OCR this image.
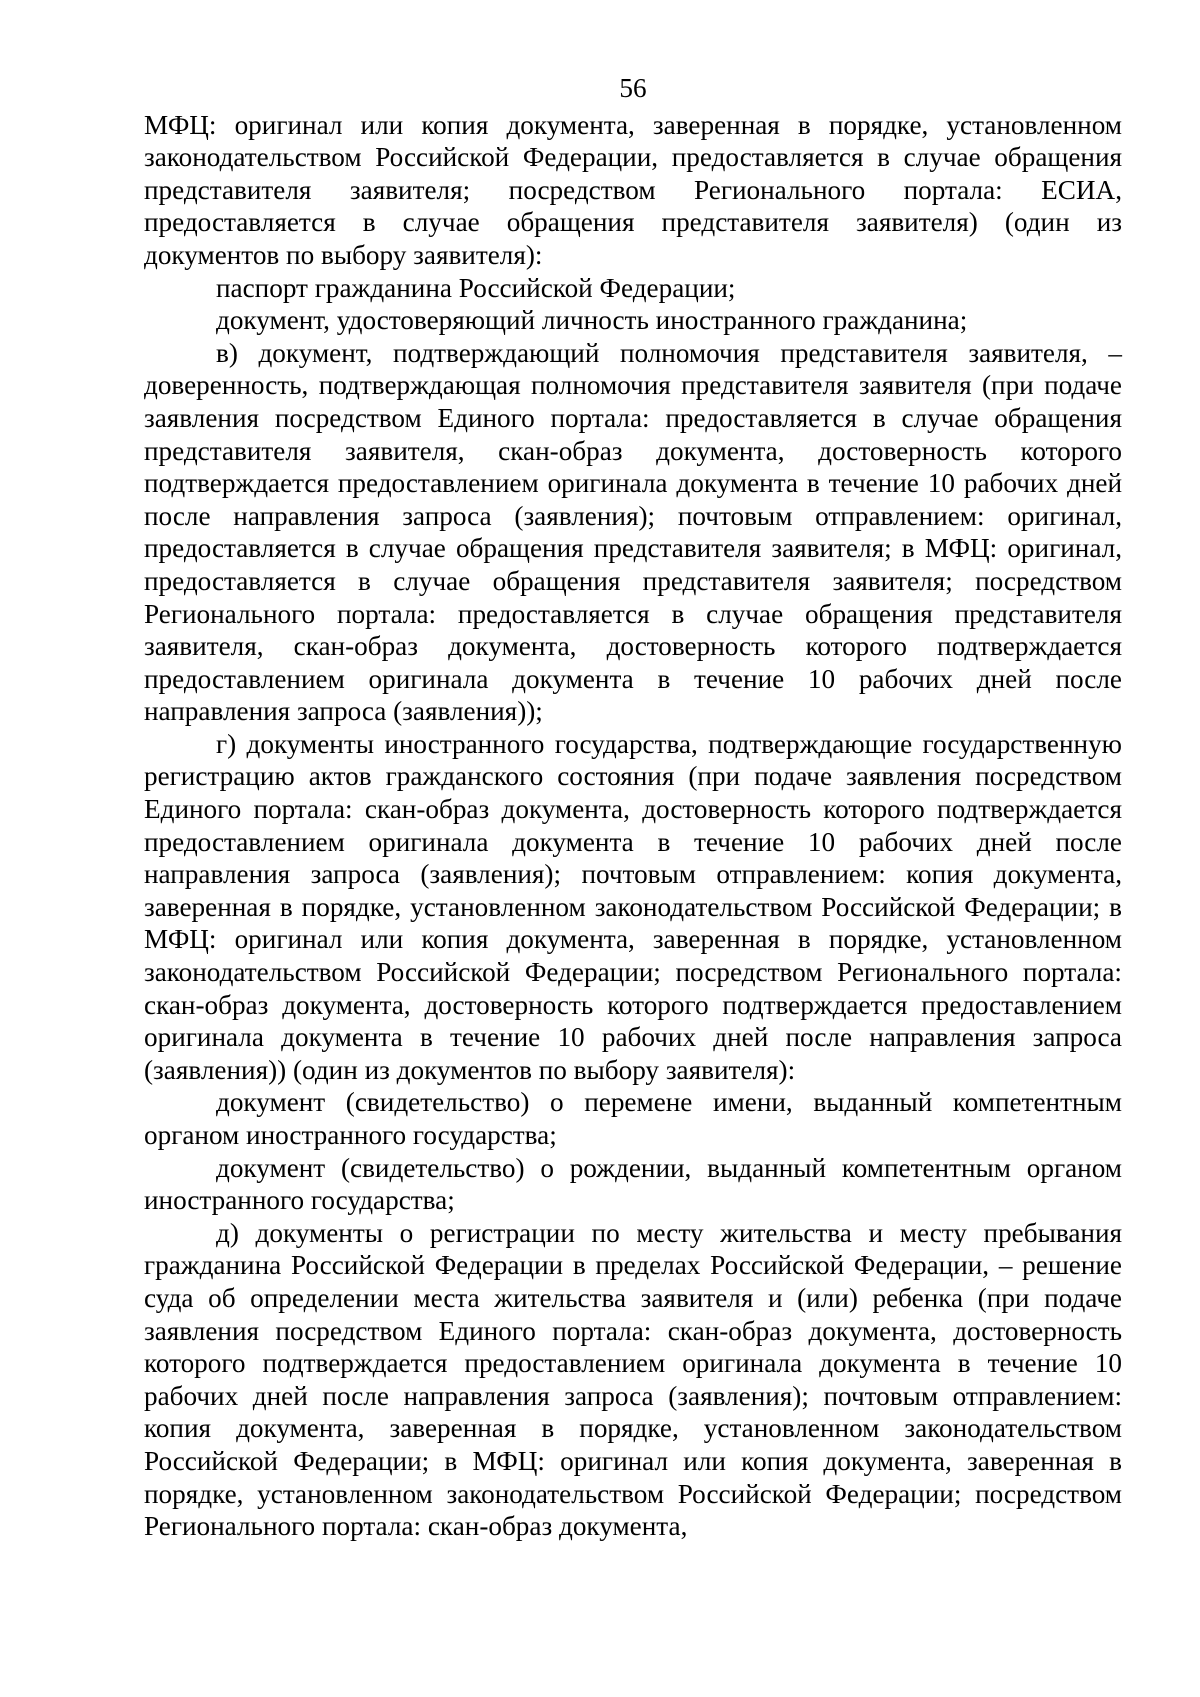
56

МФЦ: оригинал или копия документа, заверенная в порядке, установленном законодательством Российской Федерации, предоставляется в случае обращения представителя заявителя; посредством Регионального портала: ЕСИА, предоставляется в случае обращения представителя заявителя) (один из документов по выбору заявителя):

паспорт гражданина Российской Федерации;

документ, удостоверяющий личность иностранного гражданина;

в) документ, подтверждающий полномочия представителя заявителя, – доверенность, подтверждающая полномочия представителя заявителя (при подаче заявления посредством Единого портала: предоставляется в случае обращения представителя заявителя, скан-образ документа, достоверность которого подтверждается предоставлением оригинала документа в течение 10 рабочих дней после направления запроса (заявления); почтовым отправлением: оригинал, предоставляется в случае обращения представителя заявителя; в МФЦ: оригинал, предоставляется в случае обращения представителя заявителя; посредством Регионального портала: предоставляется в случае обращения представителя заявителя, скан-образ документа, достоверность которого подтверждается предоставлением оригинала документа в течение 10 рабочих дней после направления запроса (заявления));

г) документы иностранного государства, подтверждающие государственную регистрацию актов гражданского состояния (при подаче заявления посредством Единого портала: скан-образ документа, достоверность которого подтверждается предоставлением оригинала документа в течение 10 рабочих дней после направления запроса (заявления); почтовым отправлением: копия документа, заверенная в порядке, установленном законодательством Российской Федерации; в МФЦ: оригинал или копия документа, заверенная в порядке, установленном законодательством Российской Федерации; посредством Регионального портала: скан-образ документа, достоверность которого подтверждается предоставлением оригинала документа в течение 10 рабочих дней после направления запроса (заявления)) (один из документов по выбору заявителя):

документ (свидетельство) о перемене имени, выданный компетентным органом иностранного государства;

документ (свидетельство) о рождении, выданный компетентным органом иностранного государства;

д) документы о регистрации по месту жительства и месту пребывания гражданина Российской Федерации в пределах Российской Федерации, – решение суда об определении места жительства заявителя и (или) ребенка (при подаче заявления посредством Единого портала: скан-образ документа, достоверность которого подтверждается предоставлением оригинала документа в течение 10 рабочих дней после направления запроса (заявления); почтовым отправлением: копия документа, заверенная в порядке, установленном законодательством Российской Федерации; в МФЦ: оригинал или копия документа, заверенная в порядке, установленном законодательством Российской Федерации; посредством Регионального портала: скан-образ документа,
